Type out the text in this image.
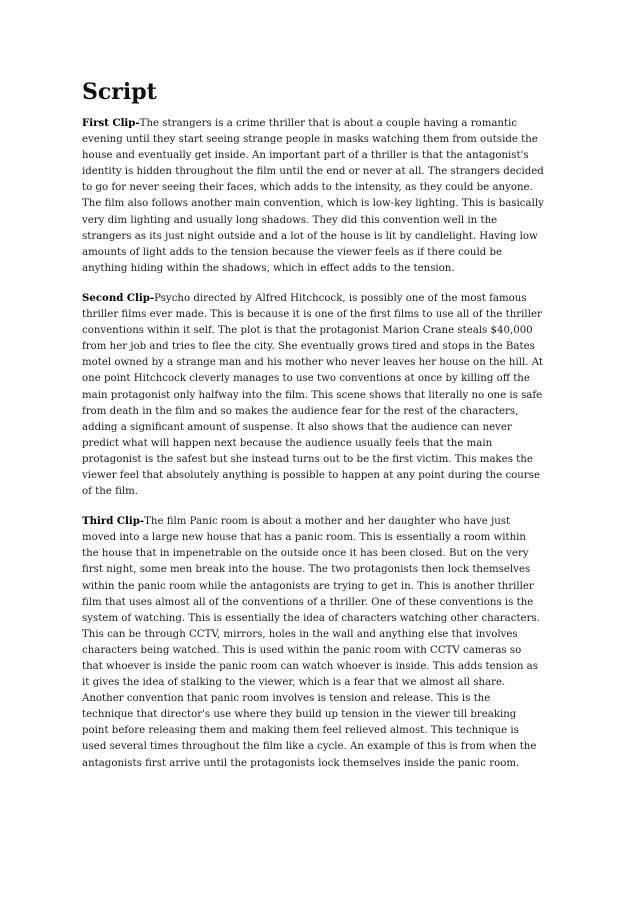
Script

First Clip-The strangers is a crime thriller that is about a couple having a romantic evening until they start seeing strange people in masks watching them from outside the house and eventually get inside. An important part of a thriller is that the antagonist's identity is hidden throughout the film until the end or never at all. The strangers decided to go for never seeing their faces, which adds to the intensity, as they could be anyone. The film also follows another main convention, which is low-key lighting. This is basically very dim lighting and usually long shadows. They did this convention well in the strangers as its just night outside and a lot of the house is lit by candlelight. Having low amounts of light adds to the tension because the viewer feels as if there could be anything hiding within the shadows, which in effect adds to the tension.

Second Clip-Psycho directed by Alfred Hitchcock, is possibly one of the most famous thriller films ever made. This is because it is one of the first films to use all of the thriller conventions within it self. The plot is that the protagonist Marion Crane steals $40,000 from her job and tries to flee the city. She eventually grows tired and stops in the Bates motel owned by a strange man and his mother who never leaves her house on the hill. At one point Hitchcock cleverly manages to use two conventions at once by killing off the main protagonist only halfway into the film. This scene shows that literally no one is safe from death in the film and so makes the audience fear for the rest of the characters, adding a significant amount of suspense. It also shows that the audience can never predict what will happen next because the audience usually feels that the main protagonist is the safest but she instead turns out to be the first victim. This makes the viewer feel that absolutely anything is possible to happen at any point during the course of the film.

Third Clip-The film Panic room is about a mother and her daughter who have just moved into a large new house that has a panic room. This is essentially a room within the house that in impenetrable on the outside once it has been closed. But on the very first night, some men break into the house. The two protagonists then lock themselves within the panic room while the antagonists are trying to get in. This is another thriller film that uses almost all of the conventions of a thriller. One of these conventions is the system of watching. This is essentially the idea of characters watching other characters. This can be through CCTV, mirrors, holes in the wall and anything else that involves characters being watched. This is used within the panic room with CCTV cameras so that whoever is inside the panic room can watch whoever is inside. This adds tension as it gives the idea of stalking to the viewer, which is a fear that we almost all share. Another convention that panic room involves is tension and release. This is the technique that director's use where they build up tension in the viewer till breaking point before releasing them and making them feel relieved almost. This technique is used several times throughout the film like a cycle. An example of this is from when the antagonists first arrive until the protagonists lock themselves inside the panic room.
